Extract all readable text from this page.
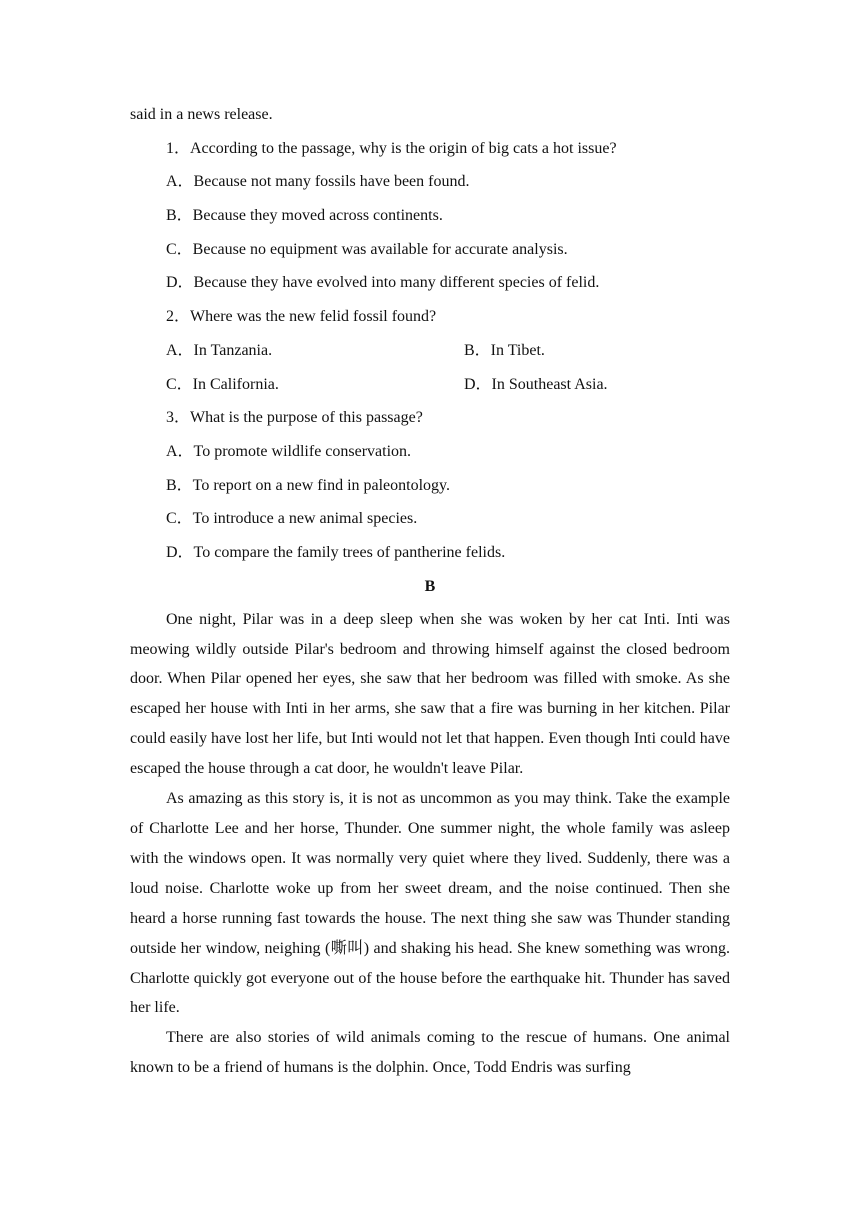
said in a news release.
1．According to the passage, why is the origin of big cats a hot issue?
A．Because not many fossils have been found.
B．Because they moved across continents.
C．Because no equipment was available for accurate analysis.
D．Because they have evolved into many different species of felid.
2．Where was the new felid fossil found?
A．In Tanzania.	B．In Tibet.
C．In California.	D．In Southeast Asia.
3．What is the purpose of this passage?
A．To promote wildlife conservation.
B．To report on a new find in paleontology.
C．To introduce a new animal species.
D．To compare the family trees of pantherine felids.
B

One night, Pilar was in a deep sleep when she was woken by her cat Inti. Inti was meowing wildly outside Pilar's bedroom and throwing himself against the closed bedroom door. When Pilar opened her eyes, she saw that her bedroom was filled with smoke. As she escaped her house with Inti in her arms, she saw that a fire was burning in her kitchen. Pilar could easily have lost her life, but Inti would not let that happen. Even though Inti could have escaped the house through a cat door, he wouldn't leave Pilar.

As amazing as this story is, it is not as uncommon as you may think. Take the example of Charlotte Lee and her horse, Thunder. One summer night, the whole family was asleep with the windows open. It was normally very quiet where they lived. Suddenly, there was a loud noise. Charlotte woke up from her sweet dream, and the noise continued. Then she heard a horse running fast towards the house. The next thing she saw was Thunder standing outside her window, neighing (嘶叫) and shaking his head. She knew something was wrong. Charlotte quickly got everyone out of the house before the earthquake hit. Thunder has saved her life.

There are also stories of wild animals coming to the rescue of humans. One animal known to be a friend of humans is the dolphin. Once, Todd Endris was surfing
